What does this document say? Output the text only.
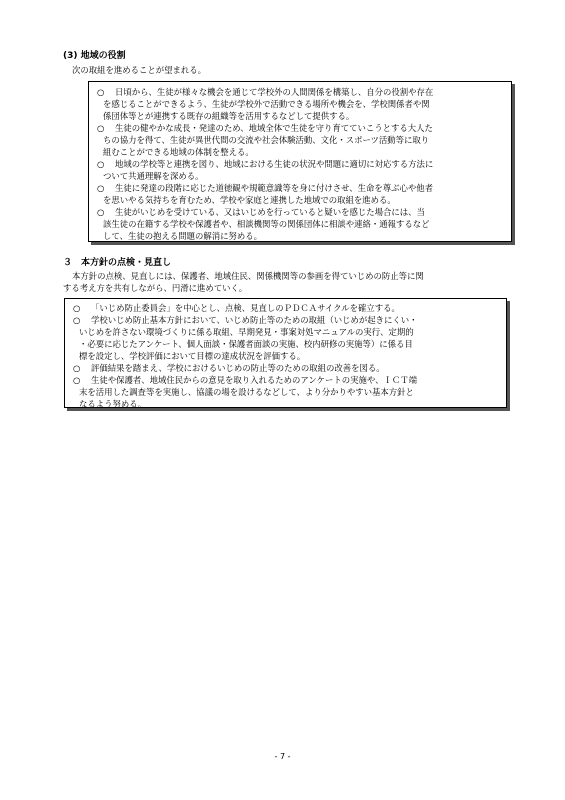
(3) 地域の役割
次の取組を進めることが望まれる。
○ 日頃から、生徒が様々な機会を通じて学校外の人間関係を構築し、自分の役割や存在
を感じることができるよう、生徒が学校外で活動できる場所や機会を、学校関係者や関
係団体等とが連携する既存の組織等を活用するなどして提供する。
○ 生徒の健やかな成長・発達のため、地域全体で生徒を守り育てていこうとする大人た
ちの協力を得て、生徒が異世代間の交流や社会体験活動、文化・スポーツ活動等に取り
組むことができる地域の体制を整える。
○ 地域の学校等と連携を図り、地域における生徒の状況や問題に適切に対応する方法に
ついて共通理解を深める。
○ 生徒に発達の段階に応じた道徳観や規範意識等を身に付けさせ、生命を尊ぶ心や他者
を思いやる気持ちを育むため、学校や家庭と連携した地域での取組を進める。
○ 生徒がいじめを受けている、又はいじめを行っていると疑いを感じた場合には、当
該生徒の在籍する学校や保護者や、相談機関等の関係団体に相談や連絡・通報するなど
して、生徒の抱える問題の解消に努める。
３　本方針の点検・見直し
本方針の点検、見直しには、保護者、地域住民、関係機関等の参画を得ていじめの防止等に関
する考え方を共有しながら、円滑に進めていく。
○ 「いじめ防止委員会」を中心とし、点検、見直しのＰＤＣＡサイクルを確立する。
○ 学校いじめ防止基本方針において、いじめ防止等のための取組（いじめが起きにくい・
いじめを許さない環境づくりに係る取組、早期発見・事案対処マニュアルの実行、定期的
・必要に応じたアンケート、個人面談・保護者面談の実施、校内研修の実施等）に係る目
標を設定し、学校評価において目標の達成状況を評価する。
○ 評価結果を踏まえ、学校におけるいじめの防止等のための取組の改善を図る。
○ 生徒や保護者、地域住民からの意見を取り入れるためのアンケートの実施や、ＩＣＴ端
末を活用した調査等を実施し、協議の場を設けるなどして、より分かりやすい基本方針と
なるよう努める。
- 7 -
